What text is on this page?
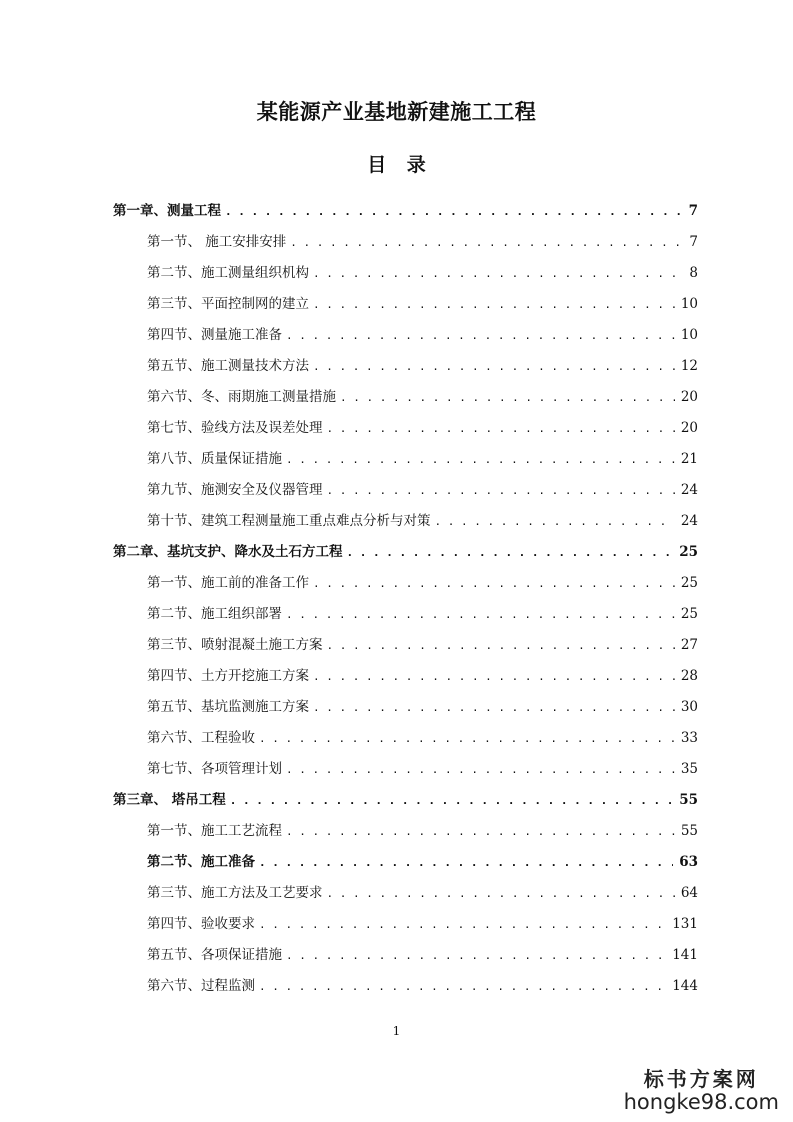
某能源产业基地新建施工工程
目 录
第一章、测量工程 . . .	7
第一节、 施工安排安排 . . .	7
第二节、施工测量组织机构 . . .	8
第三节、平面控制网的建立 . . .	10
第四节、测量施工准备 . . .	10
第五节、施工测量技术方法 . . .	12
第六节、冬、雨期施工测量措施 . . .	20
第七节、验线方法及误差处理 . . .	20
第八节、质量保证措施 . . .	21
第九节、施测安全及仪器管理 . . .	24
第十节、建筑工程测量施工重点难点分析与对策 . . .	24
第二章、基坑支护、降水及土石方工程 . . .	25
第一节、施工前的准备工作 . . .	25
第二节、施工组织部署 . . .	25
第三节、喷射混凝土施工方案 . . .	27
第四节、土方开挖施工方案 . . .	28
第五节、基坑监测施工方案 . . .	30
第六节、工程验收 . . .	33
第七节、各项管理计划 . . .	35
第三章、 塔吊工程 . . .	55
第一节、施工工艺流程 . . .	55
第二节、施工准备 . . .	63
第三节、施工方法及工艺要求 . . .	64
第四节、验收要求 . . .	131
第五节、各项保证措施 . . .	141
第六节、过程监测 . . .	144
1
标书方案网
hongke98.com
